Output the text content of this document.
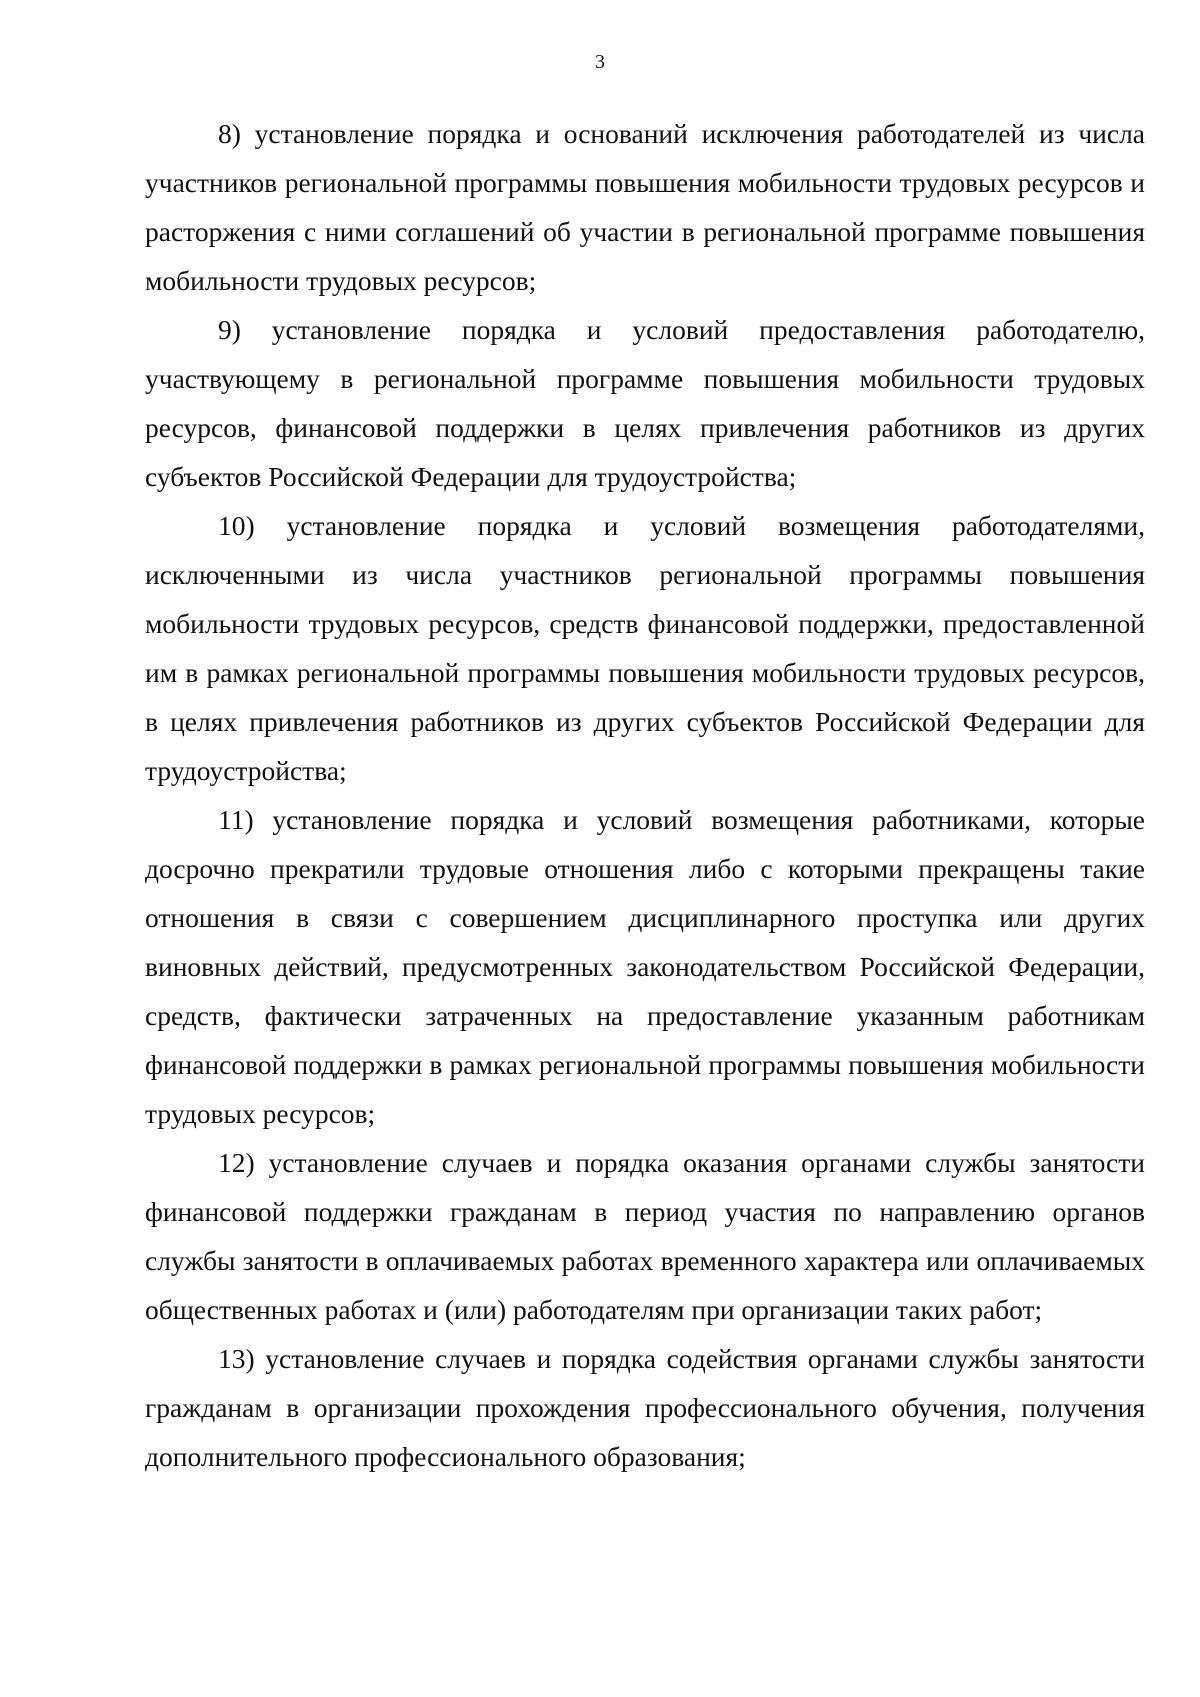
3

8) установление порядка и оснований исключения работодателей из числа участников региональной программы повышения мобильности трудовых ресурсов и расторжения с ними соглашений об участии в региональной программе повышения мобильности трудовых ресурсов;

9) установление порядка и условий предоставления работодателю, участвующему в региональной программе повышения мобильности трудовых ресурсов, финансовой поддержки в целях привлечения работников из других субъектов Российской Федерации для трудоустройства;

10) установление порядка и условий возмещения работодателями, исключенными из числа участников региональной программы повышения мобильности трудовых ресурсов, средств финансовой поддержки, предоставленной им в рамках региональной программы повышения мобильности трудовых ресурсов, в целях привлечения работников из других субъектов Российской Федерации для трудоустройства;

11) установление порядка и условий возмещения работниками, которые досрочно прекратили трудовые отношения либо с которыми прекращены такие отношения в связи с совершением дисциплинарного проступка или других виновных действий, предусмотренных законодательством Российской Федерации, средств, фактически затраченных на предоставление указанным работникам финансовой поддержки в рамках региональной программы повышения мобильности трудовых ресурсов;

12) установление случаев и порядка оказания органами службы занятости финансовой поддержки гражданам в период участия по направлению органов службы занятости в оплачиваемых работах временного характера или оплачиваемых общественных работах и (или) работодателям при организации таких работ;

13) установление случаев и порядка содействия органами службы занятости гражданам в организации прохождения профессионального обучения, получения дополнительного профессионального образования;
